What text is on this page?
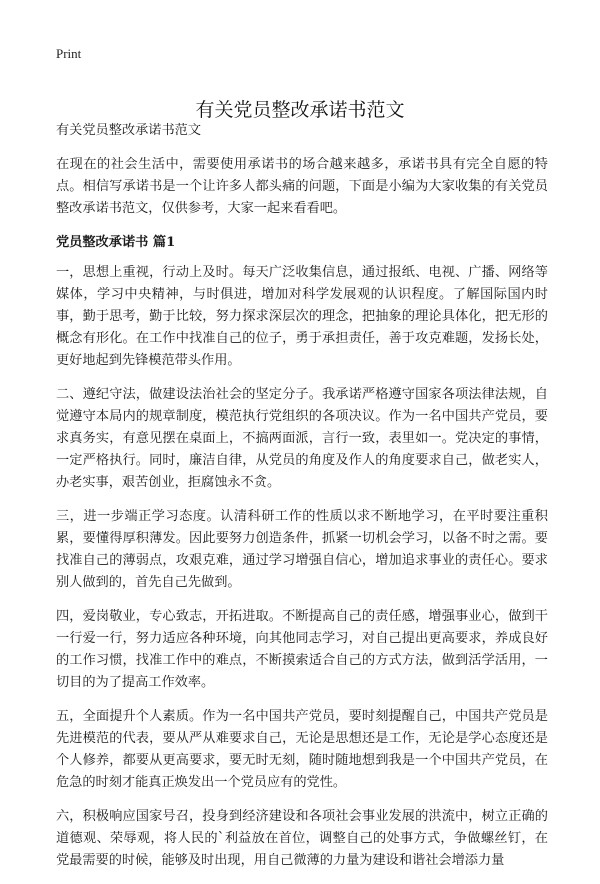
Print
有关党员整改承诺书范文

有关党员整改承诺书范文

在现在的社会生活中，需要使用承诺书的场合越来越多，承诺书具有完全自愿的特点。相信写承诺书是一个让许多人都头痛的问题，下面是小编为大家收集的有关党员整改承诺书范文，仅供参考，大家一起来看看吧。

党员整改承诺书 篇1

一，思想上重视，行动上及时。每天广泛收集信息，通过报纸、电视、广播、网络等媒体，学习中央精神，与时俱进，增加对科学发展观的认识程度。了解国际国内时事，勤于思考，勤于比较，努力探求深层次的理念，把抽象的理论具体化，把无形的概念有形化。在工作中找准自己的位子，勇于承担责任，善于攻克难题，发扬长处，更好地起到先锋模范带头作用。

二、遵纪守法，做建设法治社会的坚定分子。我承诺严格遵守国家各项法律法规，自觉遵守本局内的规章制度，模范执行党组织的各项决议。作为一名中国共产党员，要求真务实，有意见摆在桌面上，不搞两面派，言行一致，表里如一。党决定的事情，一定严格执行。同时，廉洁自律，从党员的角度及作人的角度要求自己，做老实人，办老实事，艰苦创业，拒腐蚀永不贪。

三，进一步端正学习态度。认清科研工作的性质以求不断地学习，在平时要注重积累，要懂得厚积薄发。因此要努力创造条件，抓紧一切机会学习，以备不时之需。要找准自己的薄弱点，攻艰克难，通过学习增强自信心，增加追求事业的责任心。要求别人做到的，首先自己先做到。

四，爱岗敬业，专心致志，开拓进取。不断提高自己的责任感，增强事业心，做到干一行爱一行，努力适应各种环境，向其他同志学习，对自己提出更高要求，养成良好的工作习惯，找准工作中的难点，不断摸索适合自己的方式方法，做到活学活用，一切目的为了提高工作效率。

五，全面提升个人素质。作为一名中国共产党员，要时刻提醒自己，中国共产党员是先进模范的代表，要从严从难要求自己，无论是思想还是工作，无论是学心态度还是个人修养，都要从更高要求，要无时无刻，随时随地想到我是一个中国共产党员，在危急的时刻才能真正焕发出一个党员应有的党性。

六，积极响应国家号召，投身到经济建设和各项社会事业发展的洪流中，树立正确的道德观、荣辱观，将人民的`利益放在首位，调整自己的处事方式，争做螺丝钉，在党最需要的时候，能够及时出现，用自己微薄的力量为建设和谐社会增添力量
